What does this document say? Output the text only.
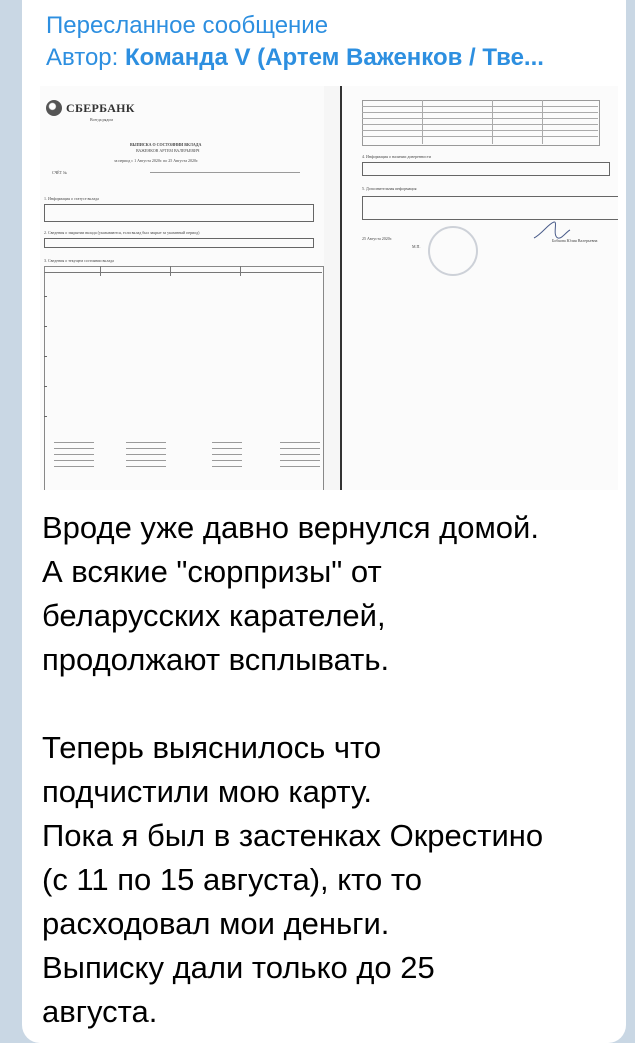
Пересланное сообщение
Автор: Команда V (Артем Важенков / Тве...
СБЕРБАНК
Всегда рядом
ВЫПИСКА О СОСТОЯНИИ ВКЛАДА
ВАЖЕНКОВ АРТЕМ ВАЛЕРЬЕВИЧ
за период с 1 Августа 2020г. по 25 Августа 2020г.
СЧЁТ №
1. Информация о статусе вклада
2. Сведения о закрытии вклада (указываются, если вклад был закрыт за указанный период)
3. Сведения о текущем состоянии вклада
4. Информация о наличии доверенности
5. Дополнительная информация
25 Августа 2020г.
М.П.
Бобкова Юлия Валерьевна

Вроде уже давно вернулся домой.

А всякие "сюрпризы" от

беларусских карателей,

продолжают всплывать.

Теперь выяснилось что

подчистили мою карту.

Пока я был в застенках Окрестино

(с 11 по 15 августа), кто то

расходовал мои деньги.

Выписку дали только до 25

августа.
